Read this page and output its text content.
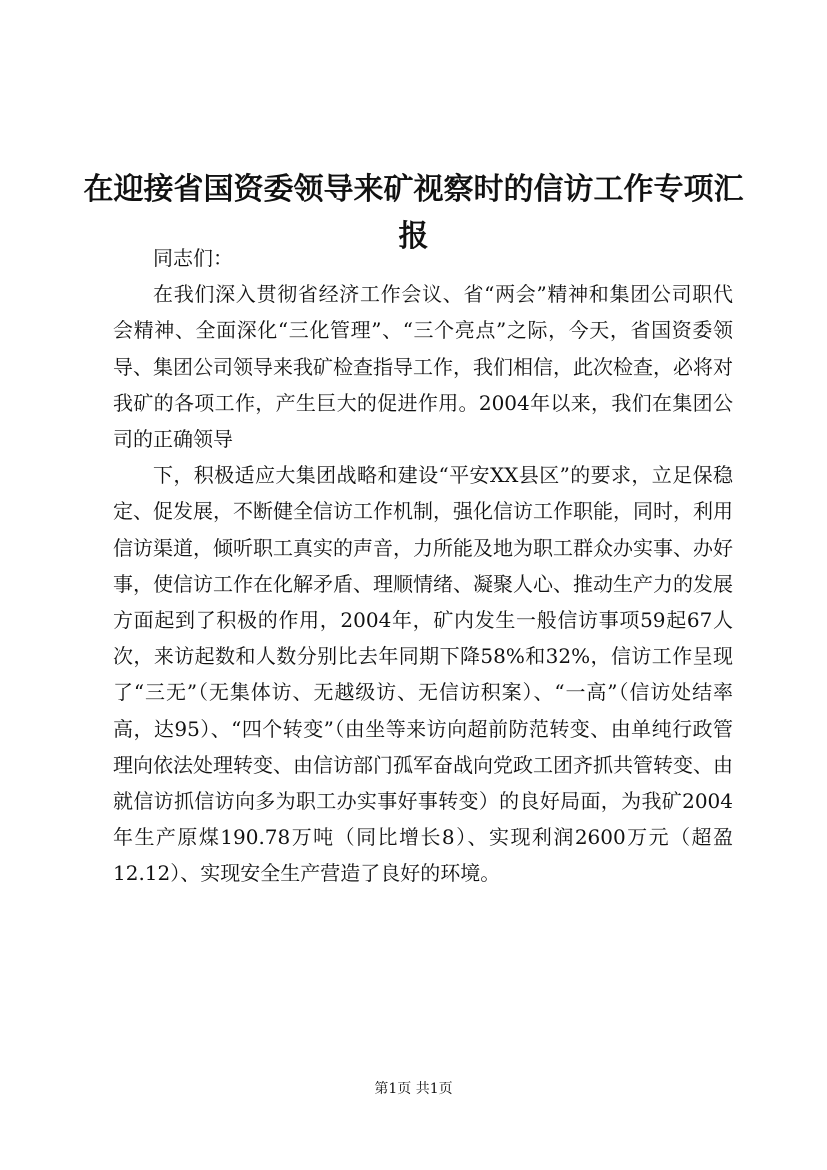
在迎接省国资委领导来矿视察时的信访工作专项汇报

同志们：

在我们深入贯彻省经济工作会议、省“两会”精神和集团公司职代会精神、全面深化“三化管理”、“三个亮点”之际，今天，省国资委领导、集团公司领导来我矿检查指导工作，我们相信，此次检查，必将对我矿的各项工作，产生巨大的促进作用。2004年以来，我们在集团公司的正确领导

下，积极适应大集团战略和建设“平安XX县区”的要求，立足保稳定、促发展，不断健全信访工作机制，强化信访工作职能，同时，利用信访渠道，倾听职工真实的声音，力所能及地为职工群众办实事、办好事，使信访工作在化解矛盾、理顺情绪、凝聚人心、推动生产力的发展方面起到了积极的作用，2004年，矿内发生一般信访事项59起67人次，来访起数和人数分别比去年同期下降58%和32%，信访工作呈现了“三无”（无集体访、无越级访、无信访积案）、“一高”（信访处结率高，达95）、“四个转变”（由坐等来访向超前防范转变、由单纯行政管理向依法处理转变、由信访部门孤军奋战向党政工团齐抓共管转变、由就信访抓信访向多为职工办实事好事转变）的良好局面，为我矿2004年生产原煤190.78万吨（同比增长8）、实现利润2600万元（超盈12.12）、实现安全生产营造了良好的环境。

第1页 共1页
